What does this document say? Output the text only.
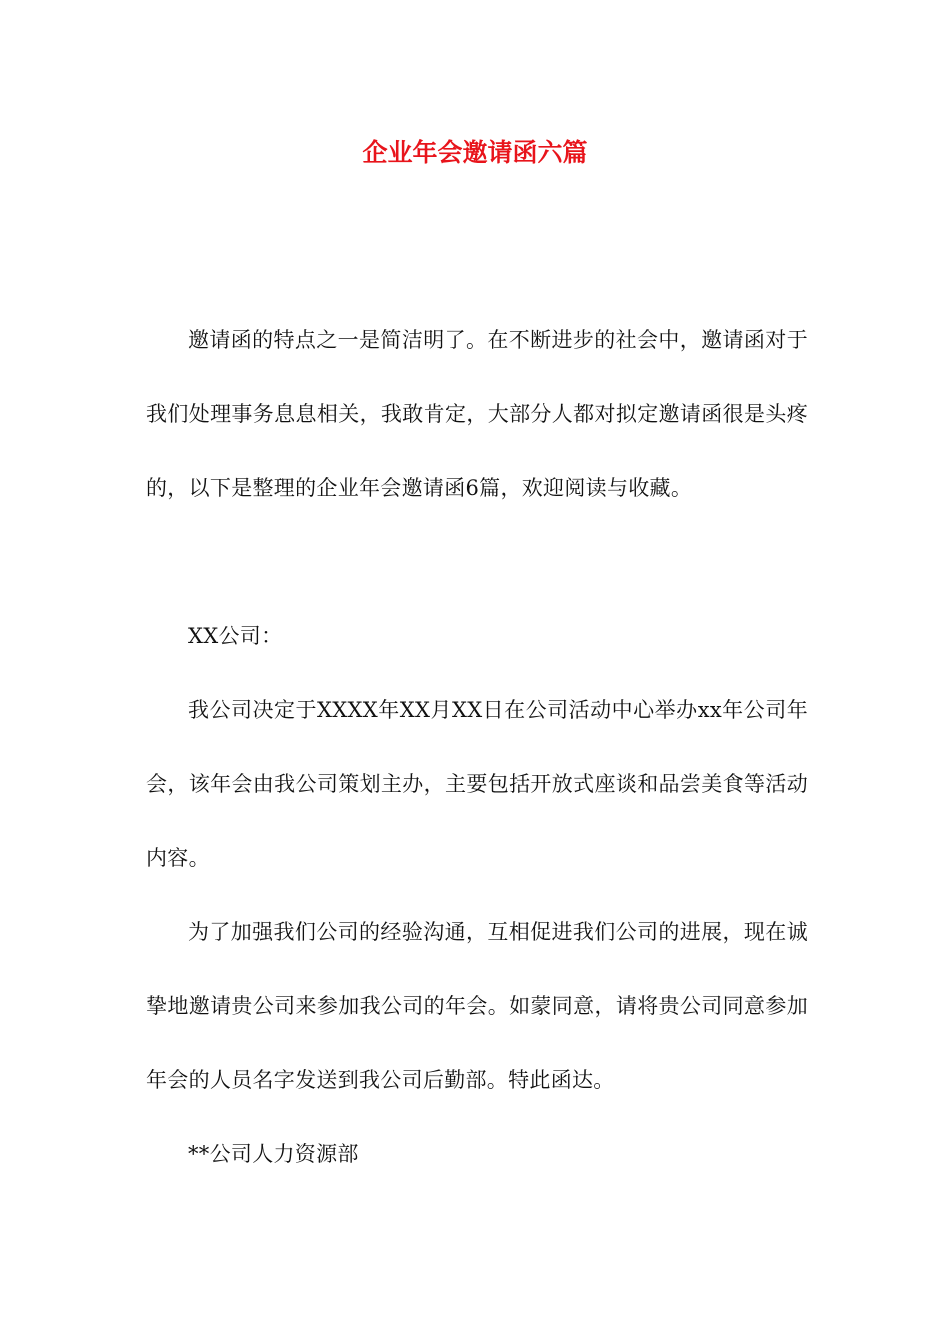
企业年会邀请函六篇

邀请函的特点之一是简洁明了。在不断进步的社会中，邀请函对于我们处理事务息息相关，我敢肯定，大部分人都对拟定邀请函很是头疼的，以下是整理的企业年会邀请函6篇，欢迎阅读与收藏。

XX公司：

我公司决定于XXXX年XX月XX日在公司活动中心举办xx年公司年会，该年会由我公司策划主办，主要包括开放式座谈和品尝美食等活动内容。

为了加强我们公司的经验沟通，互相促进我们公司的进展，现在诚挚地邀请贵公司来参加我公司的年会。如蒙同意，请将贵公司同意参加年会的人员名字发送到我公司后勤部。特此函达。

**公司人力资源部
